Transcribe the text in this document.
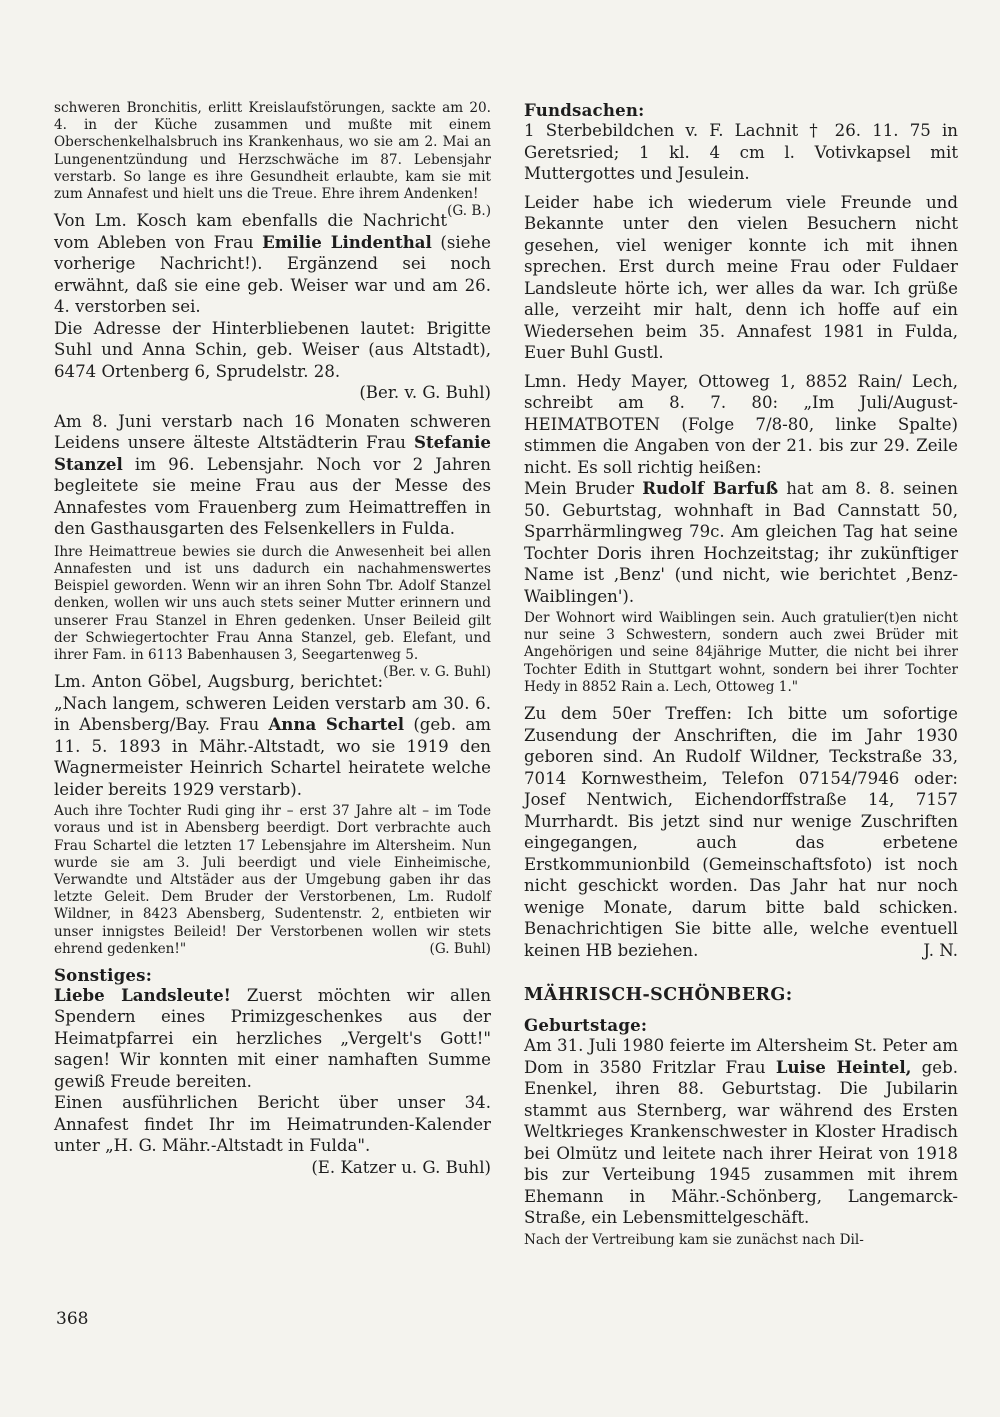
schweren Bronchitis, erlitt Kreislaufstörungen, sackte am 20. 4. in der Küche zusammen und mußte mit einem Oberschenkelhalsbruch ins Krankenhaus, wo sie am 2. Mai an Lungenentzündung und Herzschwäche im 87. Lebensjahr verstarb. So lange es ihre Gesundheit erlaubte, kam sie mit zum Annafest und hielt uns die Treue. Ehre ihrem Andenken!
(G. B.)

Von Lm. Kosch kam ebenfalls die Nachricht vom Ableben von Frau Emilie Lindenthal (siehe vorherige Nachricht!). Ergänzend sei noch erwähnt, daß sie eine geb. Weiser war und am 26. 4. verstorben sei.

Die Adresse der Hinterbliebenen lautet: Brigitte Suhl und Anna Schin, geb. Weiser (aus Altstadt), 6474 Ortenberg 6, Sprudelstr. 28.
(Ber. v. G. Buhl)

Am 8. Juni verstarb nach 16 Monaten schweren Leidens unsere älteste Altstädterin Frau Stefanie Stanzel im 96. Lebensjahr. Noch vor 2 Jahren begleitete sie meine Frau aus der Messe des Annafestes vom Frauenberg zum Heimattreffen in den Gasthausgarten des Felsenkellers in Fulda.

Ihre Heimattreue bewies sie durch die Anwesenheit bei allen Annafesten und ist uns dadurch ein nachahmenswertes Beispiel geworden. Wenn wir an ihren Sohn Tbr. Adolf Stanzel denken, wollen wir uns auch stets seiner Mutter erinnern und unserer Frau Stanzel in Ehren gedenken. Unser Beileid gilt der Schwiegertochter Frau Anna Stanzel, geb. Elefant, und ihrer Fam. in 6113 Babenhausen 3, Seegartenweg 5.
(Ber. v. G. Buhl)

Lm. Anton Göbel, Augsburg, berichtet: „Nach langem, schweren Leiden verstarb am 30. 6. in Abensberg/Bay. Frau Anna Schartel (geb. am 11. 5. 1893 in Mähr.-Altstadt, wo sie 1919 den Wagnermeister Heinrich Schartel heiratete welche leider bereits 1929 verstarb).

Auch ihre Tochter Rudi ging ihr – erst 37 Jahre alt – im Tode voraus und ist in Abensberg beerdigt. Dort verbrachte auch Frau Schartel die letzten 17 Lebensjahre im Altersheim. Nun wurde sie am 3. Juli beerdigt und viele Einheimische, Verwandte und Altstäder aus der Umgebung gaben ihr das letzte Geleit. Dem Bruder der Verstorbenen, Lm. Rudolf Wildner, in 8423 Abensberg, Sudentenstr. 2, entbieten wir unser innigstes Beileid! Der Verstorbenen wollen wir stets ehrend gedenken!"	(G. Buhl)

Sonstiges:

Liebe Landsleute! Zuerst möchten wir allen Spendern eines Primizgeschenkes aus der Heimatpfarrei ein herzliches „Vergelt's Gott!" sagen! Wir konnten mit einer namhaften Summe gewiß Freude bereiten.

Einen ausführlichen Bericht über unser 34. Annafest findet Ihr im Heimatrunden-Kalender unter „H. G. Mähr.-Altstadt in Fulda".
(E. Katzer u. G. Buhl)

Fundsachen:

1 Sterbebildchen v. F. Lachnit † 26. 11. 75 in Geretsried; 1 kl. 4 cm l. Votivkapsel mit Muttergottes und Jesulein.

Leider habe ich wiederum viele Freunde und Bekannte unter den vielen Besuchern nicht gesehen, viel weniger konnte ich mit ihnen sprechen. Erst durch meine Frau oder Fuldaer Landsleute hörte ich, wer alles da war. Ich grüße alle, verzeiht mir halt, denn ich hoffe auf ein Wiedersehen beim 35. Annafest 1981 in Fulda, Euer Buhl Gustl.

Lmn. Hedy Mayer, Ottoweg 1, 8852 Rain/ Lech, schreibt am 8. 7. 80: „Im Juli/August-HEIMATBOTEN (Folge 7/8-80, linke Spalte) stimmen die Angaben von der 21. bis zur 29. Zeile nicht. Es soll richtig heißen:

Mein Bruder Rudolf Barfuß hat am 8. 8. seinen 50. Geburtstag, wohnhaft in Bad Cannstatt 50, Sparrhärmlingweg 79c. Am gleichen Tag hat seine Tochter Doris ihren Hochzeitstag; ihr zukünftiger Name ist ‚Benz' (und nicht, wie berichtet ‚Benz-Waiblingen').

Der Wohnort wird Waiblingen sein. Auch gratulier(t)en nicht nur seine 3 Schwestern, sondern auch zwei Brüder mit Angehörigen und seine 84jährige Mutter, die nicht bei ihrer Tochter Edith in Stuttgart wohnt, sondern bei ihrer Tochter Hedy in 8852 Rain a. Lech, Ottoweg 1."

Zu dem 50er Treffen: Ich bitte um sofortige Zusendung der Anschriften, die im Jahr 1930 geboren sind. An Rudolf Wildner, Teckstraße 33, 7014 Kornwestheim, Telefon 07154/7946 oder: Josef Nentwich, Eichendorffstraße 14, 7157 Murrhardt. Bis jetzt sind nur wenige Zuschriften eingegangen, auch das erbetene Erstkommunionbild (Gemeinschaftsfoto) ist noch nicht geschickt worden. Das Jahr hat nur noch wenige Monate, darum bitte bald schicken. Benachrichtigen Sie bitte alle, welche eventuell keinen HB beziehen.	J. N.

MÄHRISCH-SCHÖNBERG:
Geburtstage:

Am 31. Juli 1980 feierte im Altersheim St. Peter am Dom in 3580 Fritzlar Frau Luise Heintel, geb. Enenkel, ihren 88. Geburtstag. Die Jubilarin stammt aus Sternberg, war während des Ersten Weltkrieges Krankenschwester in Kloster Hradisch bei Olmütz und leitete nach ihrer Heirat von 1918 bis zur Verteibung 1945 zusammen mit ihrem Ehemann in Mähr.-Schönberg, Langemarck-Straße, ein Lebensmittelgeschäft.

Nach der Vertreibung kam sie zunächst nach Dil-

368
